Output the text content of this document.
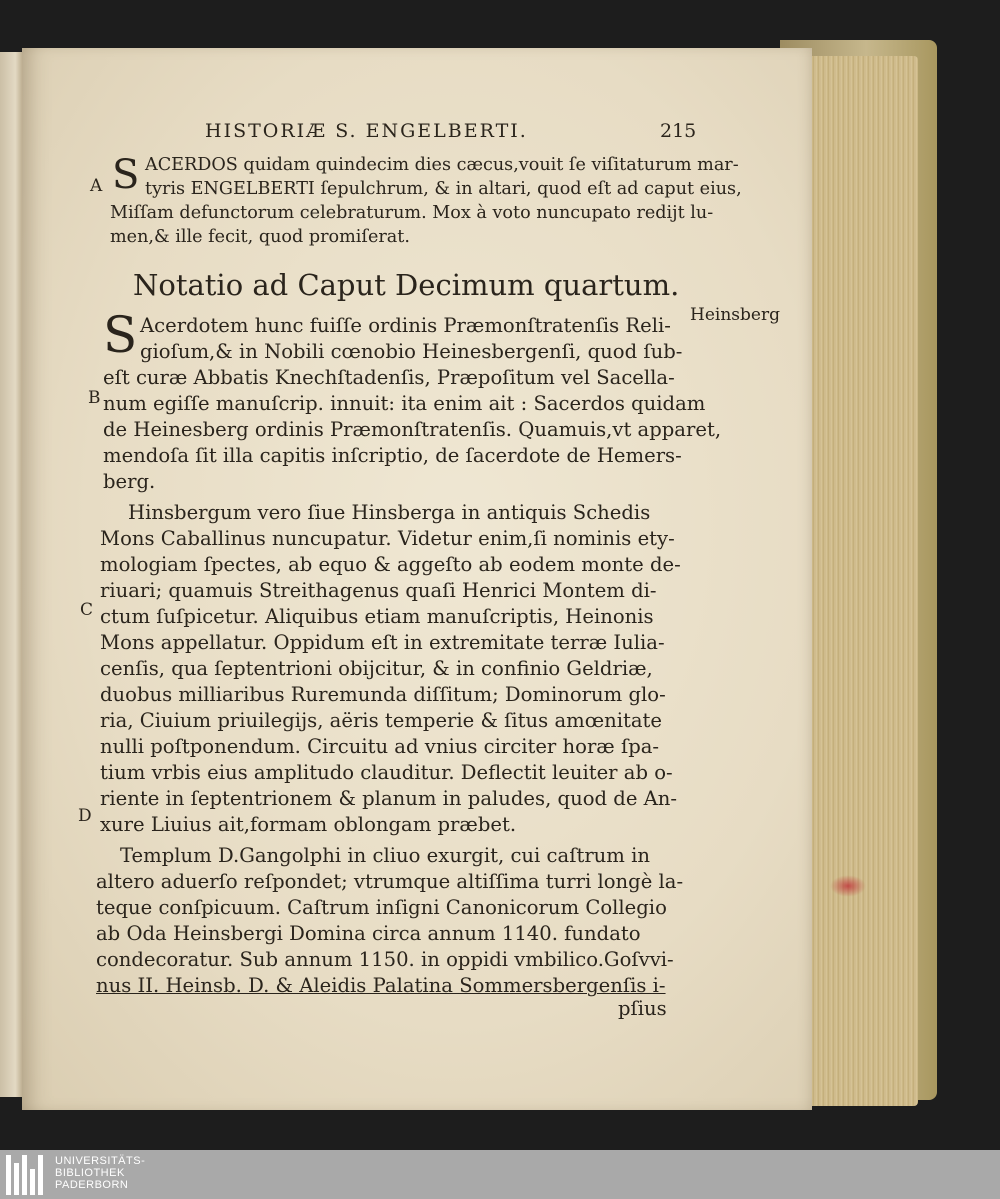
HISTORIÆ S. ENGELBERTI.	215
A
B
C
D
S ACERDOS quidam quindecim dies cæcus,vouit ſe viſitaturum mar-
tyris ENGELBERTI ſepulchrum, & in altari, quod eſt ad caput eius,
Miſſam defunctorum celebraturum. Mox à voto nuncupato redijt lu-
men,& ille fecit, quod promiſerat.
Notatio ad Caput Decimum quartum.
Heinsberg
S Acerdotem hunc fuiſſe ordinis Præmonſtratenſis Reli-
gioſum,& in Nobili cœnobio Heinesbergenſi, quod ſub-
eſt curæ Abbatis Knechſtadenſis, Præpoſitum vel Sacella-
num egiſſe manuſcrip. innuit: ita enim ait : Sacerdos quidam
de Heinesberg ordinis Præmonſtratenſis. Quamuis,vt apparet,
mendoſa ſit illa capitis inſcriptio, de ſacerdote de Hemers-
berg.
Hinsbergum vero ſiue Hinsberga in antiquis Schedis
Mons Caballinus nuncupatur. Videtur enim,ſi nominis ety-
mologiam ſpectes, ab equo & aggeſto ab eodem monte de-
riuari; quamuis Streithagenus quaſi Henrici Montem di-
ctum ſuſpicetur. Aliquibus etiam manuſcriptis, Heinonis
Mons appellatur. Oppidum eſt in extremitate terræ Iulia-
cenſis, qua ſeptentrioni obijcitur, & in confinio Geldriæ,
duobus milliaribus Ruremunda diſſitum; Dominorum glo-
ria, Ciuium priuilegijs, aëris temperie & ſitus amœnitate
nulli poſtponendum. Circuitu ad vnius circiter horæ ſpa-
tium vrbis eius amplitudo clauditur. Deflectit leuiter ab o-
riente in ſeptentrionem & planum in paludes, quod de An-
xure Liuius ait,formam oblongam præbet.
Templum D.Gangolphi in cliuo exurgit, cui caſtrum in
altero aduerſo reſpondet; vtrumque altiſſima turri longè la-
teque conſpicuum. Caſtrum inſigni Canonicorum Collegio
ab Oda Heinsbergi Domina circa annum 1140. fundato
condecoratur. Sub annum 1150. in oppidi vmbilico.Goſvvi-
nus II. Heinsb. D. & Aleidis Palatina Sommersbergenſis i-
pſius
UNIVERSITÄTS-
BIBLIOTHEK
PADERBORN
